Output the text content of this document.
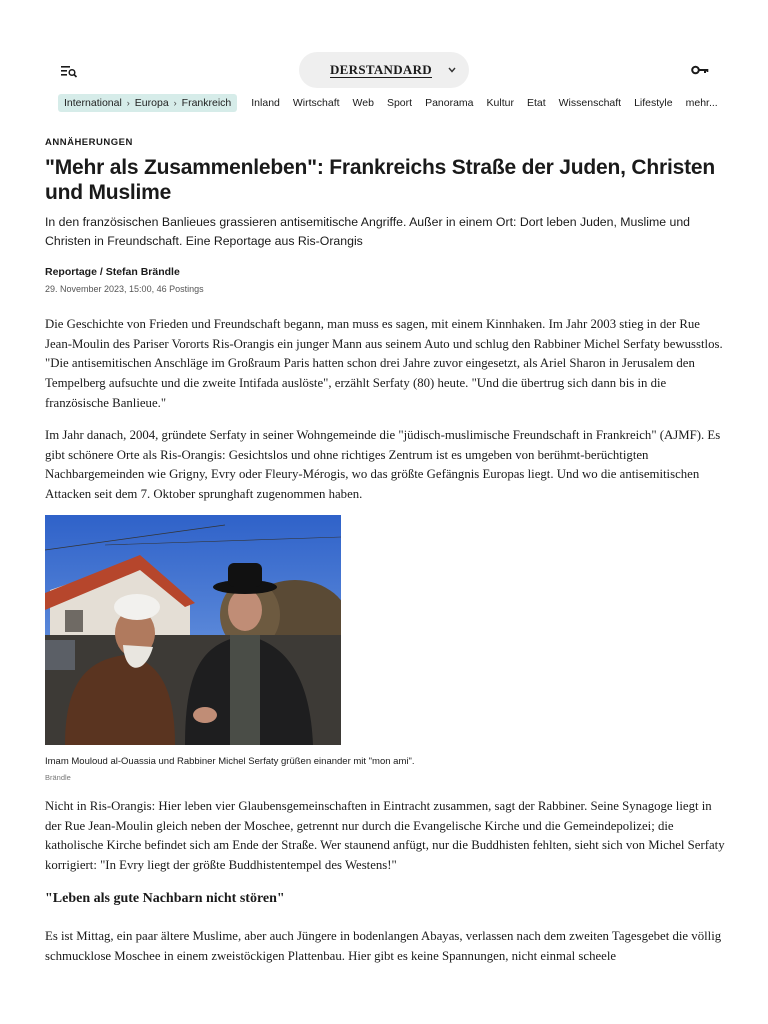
DERSTANDARD
International › Europa › Frankreich Inland Wirtschaft Web Sport Panorama Kultur Etat Wissenschaft Lifestyle mehr...
ANNÄHERUNGEN
"Mehr als Zusammenleben": Frankreichs Straße der Juden, Christen und Muslime

In den französischen Banlieues grassieren antisemitische Angriffe. Außer in einem Ort: Dort leben Juden, Muslime und Christen in Freundschaft. Eine Reportage aus Ris-Orangis

Reportage / Stefan Brändle
29. November 2023, 15:00, 46 Postings

Die Geschichte von Frieden und Freundschaft begann, man muss es sagen, mit einem Kinnhaken. Im Jahr 2003 stieg in der Rue Jean-Moulin des Pariser Vororts Ris-Orangis ein junger Mann aus seinem Auto und schlug den Rabbiner Michel Serfaty bewusstlos. "Die antisemitischen Anschläge im Großraum Paris hatten schon drei Jahre zuvor eingesetzt, als Ariel Sharon in Jerusalem den Tempelberg aufsuchte und die zweite Intifada auslöste", erzählt Serfaty (80) heute. "Und die übertrug sich dann bis in die französische Banlieue."

Im Jahr danach, 2004, gründete Serfaty in seiner Wohngemeinde die "jüdisch-muslimische Freundschaft in Frankreich" (AJMF). Es gibt schönere Orte als Ris-Orangis: Gesichtslos und ohne richtiges Zentrum ist es umgeben von berühmt-berüchtigten Nachbargemeinden wie Grigny, Evry oder Fleury-Mérogis, wo das größte Gefängnis Europas liegt. Und wo die antisemitischen Attacken seit dem 7. Oktober sprunghaft zugenommen haben.

Imam Mouloud al-Ouassia und Rabbiner Michel Serfaty grüßen einander mit "mon ami".
Brändle

Nicht in Ris-Orangis: Hier leben vier Glaubensgemeinschaften in Eintracht zusammen, sagt der Rabbiner. Seine Synagoge liegt in der Rue Jean-Moulin gleich neben der Moschee, getrennt nur durch die Evangelische Kirche und die Gemeindepolizei; die katholische Kirche befindet sich am Ende der Straße. Wer staunend anfügt, nur die Buddhisten fehlten, sieht sich von Michel Serfaty korrigiert: "In Evry liegt der größte Buddhistentempel des Westens!"

"Leben als gute Nachbarn nicht stören"

Es ist Mittag, ein paar ältere Muslime, aber auch Jüngere in bodenlangen Abayas, verlassen nach dem zweiten Tagesgebet die völlig schmucklose Moschee in einem zweistöckigen Plattenbau. Hier gibt es keine Spannungen, nicht einmal scheele
